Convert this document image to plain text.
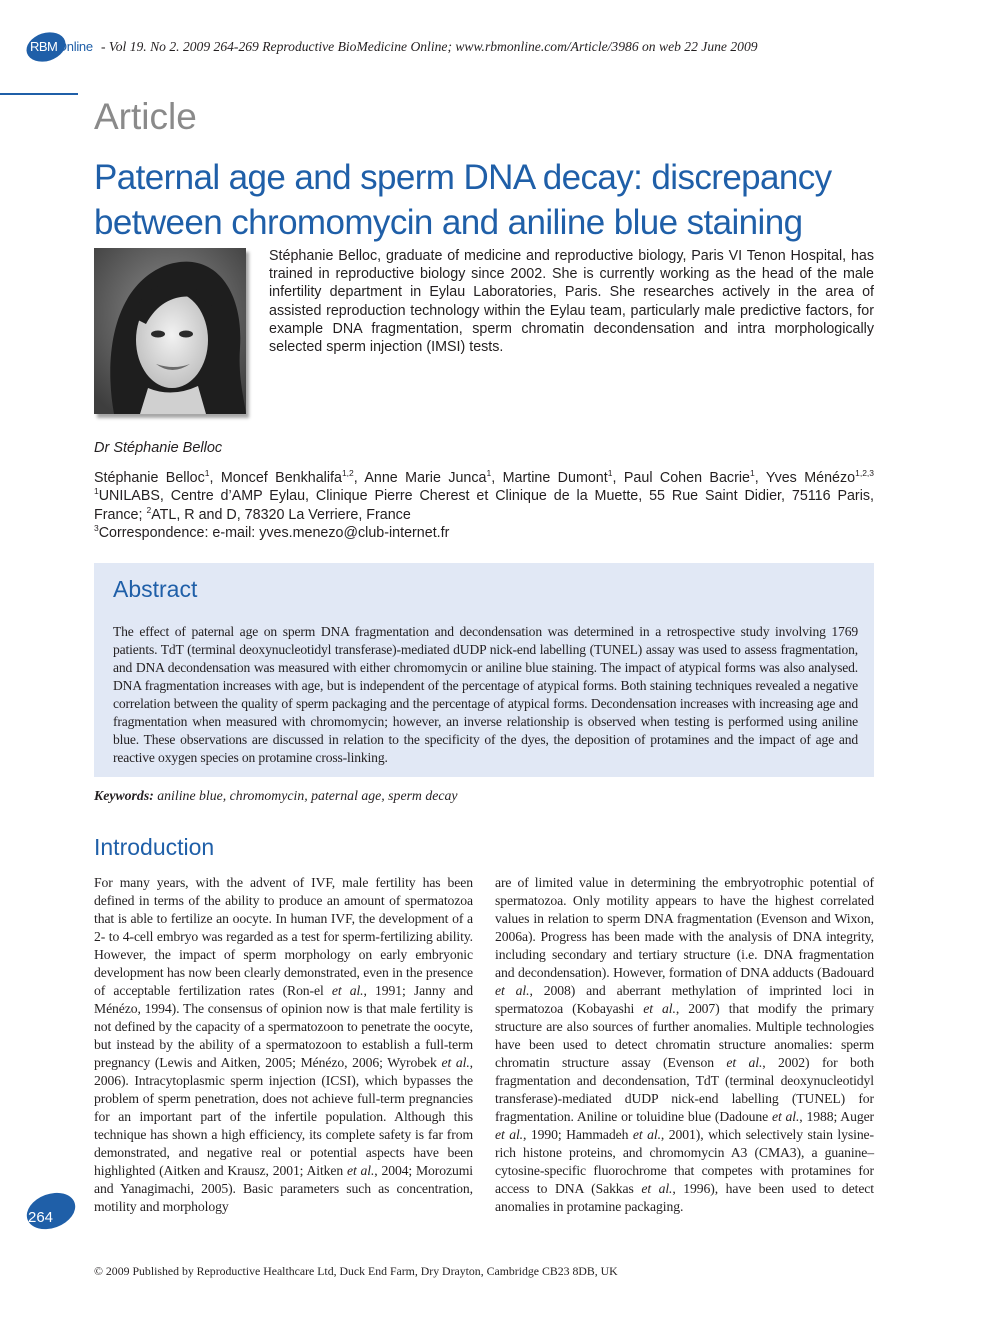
RBM Online - Vol 19. No 2. 2009 264-269 Reproductive BioMedicine Online; www.rbmonline.com/Article/3986 on web 22 June 2009
Article
Paternal age and sperm DNA decay: discrepancy between chromomycin and aniline blue staining

Stéphanie Belloc, graduate of medicine and reproductive biology, Paris VI Tenon Hospital, has trained in reproductive biology since 2002. She is currently working as the head of the male infertility department in Eylau Laboratories, Paris. She researches actively in the area of assisted reproduction technology within the Eylau team, particularly male predictive factors, for example DNA fragmentation, sperm chromatin decondensation and intra morphologically selected sperm injection (IMSI) tests.

Dr Stéphanie Belloc

Stéphanie Belloc$^1$, Moncef Benkhalifa$^{1,2}$, Anne Marie Junca$^1$, Martine Dumont$^1$, Paul Cohen Bacrie$^1$, Yves Ménézo$^{1,2,3}$

$^1$UNILABS, Centre d’AMP Eylau, Clinique Pierre Cherest et Clinique de la Muette, 55 Rue Saint Didier, 75116 Paris,

France; $^2$ATL, R and D, 78320 La Verriere, France

$^3$Correspondence: e-mail: yves.menezo@club-internet.fr

Abstract

The effect of paternal age on sperm DNA fragmentation and decondensation was determined in a retrospective study involving 1769 patients. TdT (terminal deoxynucleotidyl transferase)-mediated dUDP nick-end labelling (TUNEL) assay was used to assess fragmentation, and DNA decondensation was measured with either chromomycin or aniline blue staining. The impact of atypical forms was also analysed. DNA fragmentation increases with age, but is independent of the percentage of atypical forms. Both staining techniques revealed a negative correlation between the quality of sperm packaging and the percentage of atypical forms. Decondensation increases with increasing age and fragmentation when measured with chromomycin; however, an inverse relationship is observed when testing is performed using aniline blue. These observations are discussed in relation to the specificity of the dyes, the deposition of protamines and the impact of age and reactive oxygen species on protamine cross-linking.

Keywords: aniline blue, chromomycin, paternal age, sperm decay
Introduction

For many years, with the advent of IVF, male fertility has been defined in terms of the ability to produce an amount of spermatozoa that is able to fertilize an oocyte. In human IVF, the development of a 2- to 4-cell embryo was regarded as a test for sperm-fertilizing ability. However, the impact of sperm morphology on early embryonic development has now been clearly demonstrated, even in the presence of acceptable fertilization rates (Ron-el et al., 1991; Janny and Ménézo, 1994). The consensus of opinion now is that male fertility is not defined by the capacity of a spermatozoon to penetrate the oocyte, but instead by the ability of a spermatozoon to establish a full-term pregnancy (Lewis and Aitken, 2005; Ménézo, 2006; Wyrobek et al., 2006). Intracytoplasmic sperm injection (ICSI), which bypasses the problem of sperm penetration, does not achieve full-term pregnancies for an important part of the infertile population. Although this technique has shown a high efficiency, its complete safety is far from demonstrated, and negative real or potential aspects have been highlighted (Aitken and Krausz, 2001; Aitken et al., 2004; Morozumi and Yanagimachi, 2005). Basic parameters such as concentration, motility and morphology

are of limited value in determining the embryotrophic potential of spermatozoa. Only motility appears to have the highest correlated values in relation to sperm DNA fragmentation (Evenson and Wixon, 2006a). Progress has been made with the analysis of DNA integrity, including secondary and tertiary structure (i.e. DNA fragmentation and decondensation). However, formation of DNA adducts (Badouard et al., 2008) and aberrant methylation of imprinted loci in spermatozoa (Kobayashi et al., 2007) that modify the primary structure are also sources of further anomalies. Multiple technologies have been used to detect chromatin structure anomalies: sperm chromatin structure assay (Evenson et al., 2002) for both fragmentation and decondensation, TdT (terminal deoxynucleotidyl transferase)-mediated dUDP nick-end labelling (TUNEL) for fragmentation. Aniline or toluidine blue (Dadoune et al., 1988; Auger et al., 1990; Hammadeh et al., 2001), which selectively stain lysine-rich histone proteins, and chromomycin A3 (CMA3), a guanine–cytosine-specific fluorochrome that competes with protamines for access to DNA (Sakkas et al., 1996), have been used to detect anomalies in protamine packaging.

264
© 2009 Published by Reproductive Healthcare Ltd, Duck End Farm, Dry Drayton, Cambridge CB23 8DB, UK
